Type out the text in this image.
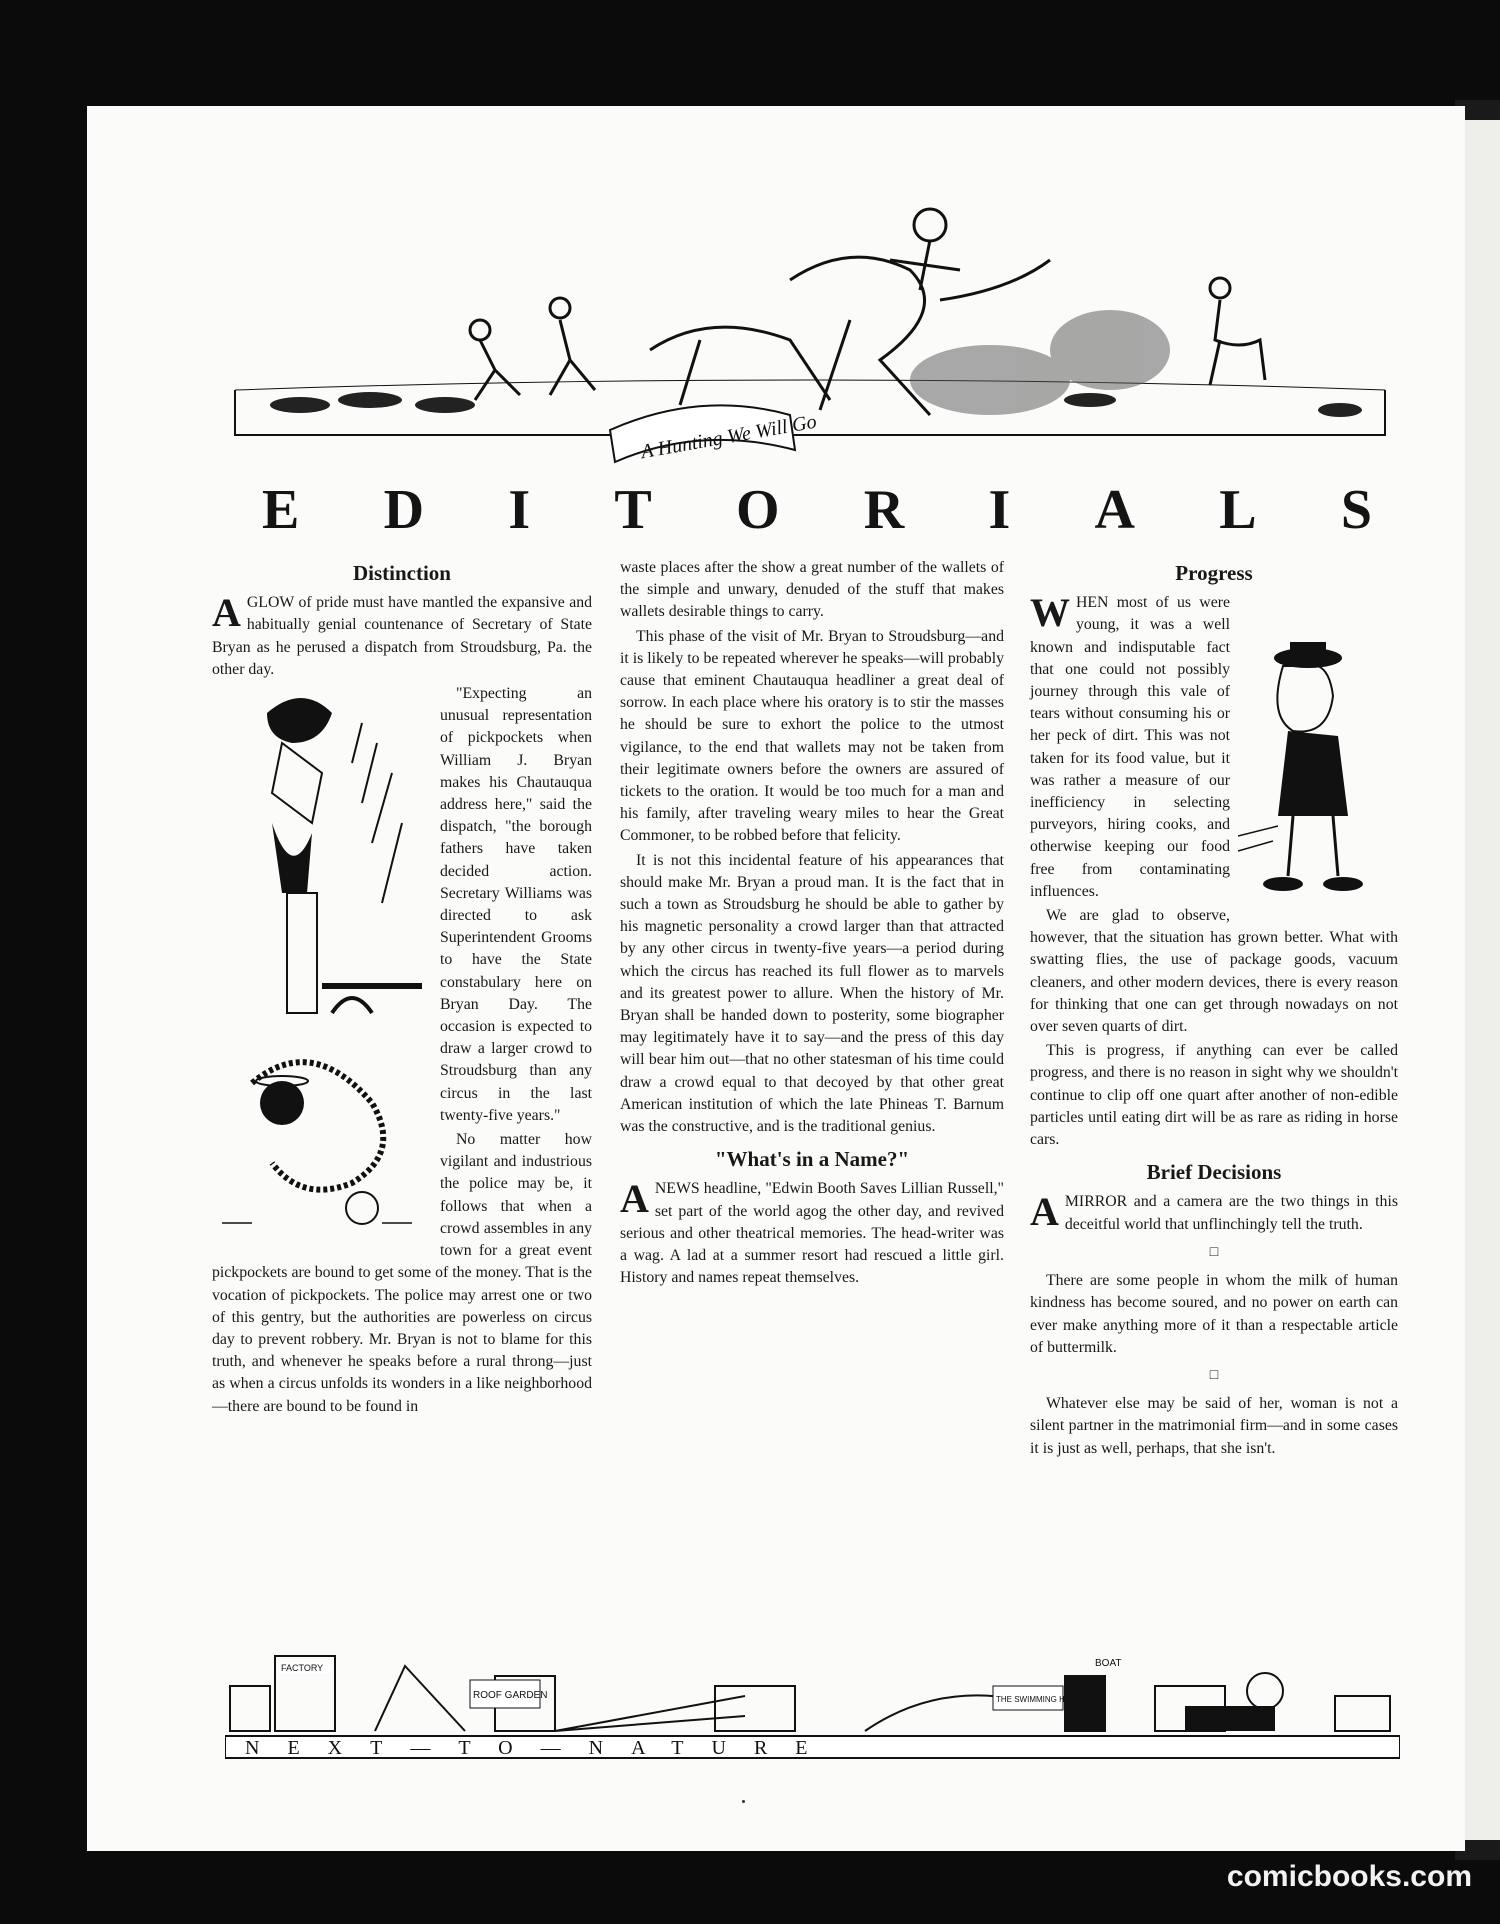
A Hunting We Will Go
E D I T O R I A L S
Distinction

A GLOW of pride must have mantled the expansive and habitually genial countenance of Secretary of State Bryan as he perused a dispatch from Stroudsburg, Pa. the other day.

"Expecting an unusual representation of pickpockets when William J. Bryan makes his Chautauqua address here," said the dispatch, "the borough fathers have taken decided action. Secretary Williams was directed to ask Superintendent Grooms to have the State constabulary here on Bryan Day. The occasion is expected to draw a larger crowd to Stroudsburg than any circus in the last twenty-five years."

No matter how vigilant and industrious the police may be, it follows that when a crowd assembles in any town for a great event pickpockets are bound to get some of the money. That is the vocation of pickpockets. The police may arrest one or two of this gentry, but the authorities are powerless on circus day to prevent robbery. Mr. Bryan is not to blame for this truth, and whenever he speaks before a rural throng—just as when a circus unfolds its wonders in a like neighborhood—there are bound to be found in

waste places after the show a great number of the wallets of the simple and unwary, denuded of the stuff that makes wallets desirable things to carry.

This phase of the visit of Mr. Bryan to Stroudsburg—and it is likely to be repeated wherever he speaks—will probably cause that eminent Chautauqua headliner a great deal of sorrow. In each place where his oratory is to stir the masses he should be sure to exhort the police to the utmost vigilance, to the end that wallets may not be taken from their legitimate owners before the owners are assured of tickets to the oration. It would be too much for a man and his family, after traveling weary miles to hear the Great Commoner, to be robbed before that felicity.

It is not this incidental feature of his appearances that should make Mr. Bryan a proud man. It is the fact that in such a town as Stroudsburg he should be able to gather by his magnetic personality a crowd larger than that attracted by any other circus in twenty-five years—a period during which the circus has reached its full flower as to marvels and its greatest power to allure. When the history of Mr. Bryan shall be handed down to posterity, some biographer may legitimately have it to say—and the press of this day will bear him out—that no other statesman of his time could draw a crowd equal to that decoyed by that other great American institution of which the late Phineas T. Barnum was the constructive, and is the traditional genius.

"What's in a Name?"

A NEWS headline, "Edwin Booth Saves Lillian Russell," set part of the world agog the other day, and revived serious and other theatrical memories. The head-writer was a wag. A lad at a summer resort had rescued a little girl. History and names repeat themselves.

Progress

W HEN most of us were young, it was a well known and indisputable fact that one could not possibly journey through this vale of tears without consuming his or her peck of dirt. This was not taken for its food value, but it was rather a measure of our inefficiency in selecting purveyors, hiring cooks, and otherwise keeping our food free from contaminating influences.

We are glad to observe, however, that the situation has grown better. What with swatting flies, the use of package goods, vacuum cleaners, and other modern devices, there is every reason for thinking that one can get through nowadays on not over seven quarts of dirt.

This is progress, if anything can ever be called progress, and there is no reason in sight why we shouldn't continue to clip off one quart after another of non-edible particles until eating dirt will be as rare as riding in horse cars.

Brief Decisions

A MIRROR and a camera are the two things in this deceitful world that unflinchingly tell the truth.

□

There are some people in whom the milk of human kindness has become soured, and no power on earth can ever make anything more of it than a respectable article of buttermilk.

□

Whatever else may be said of her, woman is not a silent partner in the matrimonial firm—and in some cases it is just as well, perhaps, that she isn't.

NEXT—TO—NATURE
FACTORY
ROOF GARDEN	THE SWIMMING HOLE
BOAT
comicbooks.com
